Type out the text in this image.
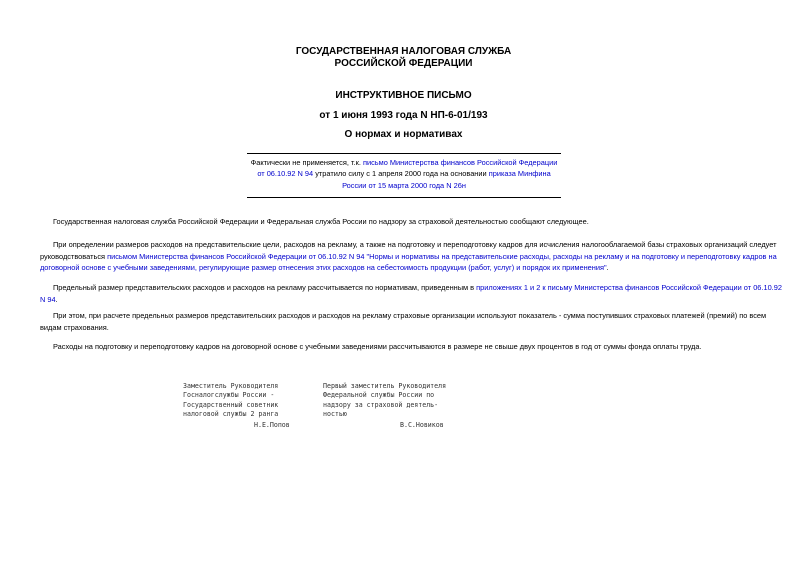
ГОСУДАРСТВЕННАЯ НАЛОГОВАЯ СЛУЖБА
РОССИЙСКОЙ ФЕДЕРАЦИИ
ИНСТРУКТИВНОЕ ПИСЬМО
от 1 июня 1993 года N НП-6-01/193
О нормах и нормативах
Фактически не применяется, т.к. письмо Министерства финансов Российской Федерации от 06.10.92 N 94 утратило силу с 1 апреля 2000 года на основании приказа Минфина России от 15 марта 2000 года N 26н
Государственная налоговая служба Российской Федерации и Федеральная служба России по надзору за страховой деятельностью сообщают следующее.
При определении размеров расходов на представительские цели, расходов на рекламу, а также на подготовку и переподготовку кадров для исчисления налогооблагаемой базы страховых организаций следует руководствоваться письмом Министерства финансов Российской Федерации от 06.10.92 N 94 "Нормы и нормативы на представительские расходы, расходы на рекламу и на подготовку и переподготовку кадров на договорной основе с учебными заведениями, регулирующие размер отнесения этих расходов на себестоимость продукции (работ, услуг) и порядок их применения".
Предельный размер представительских расходов и расходов на рекламу рассчитывается по нормативам, приведенным в приложениях 1 и 2 к письму Министерства финансов Российской Федерации от 06.10.92 N 94.
При этом, при расчете предельных размеров представительских расходов и расходов на рекламу страховые организации используют показатель - сумма поступивших страховых платежей (премий) по всем видам страхования.
Расходы на подготовку и переподготовку кадров на договорной основе с учебными заведениями рассчитываются в размере не свыше двух процентов в год от суммы фонда оплаты труда.
Заместитель Руководителя
Госналогслужбы России -
Государственный советник
налоговой службы 2 ранга
Первый заместитель Руководителя
Федеральной службы России по
надзору за страховой деятель-
ностью
Н.Е.Попов	В.С.Новиков
